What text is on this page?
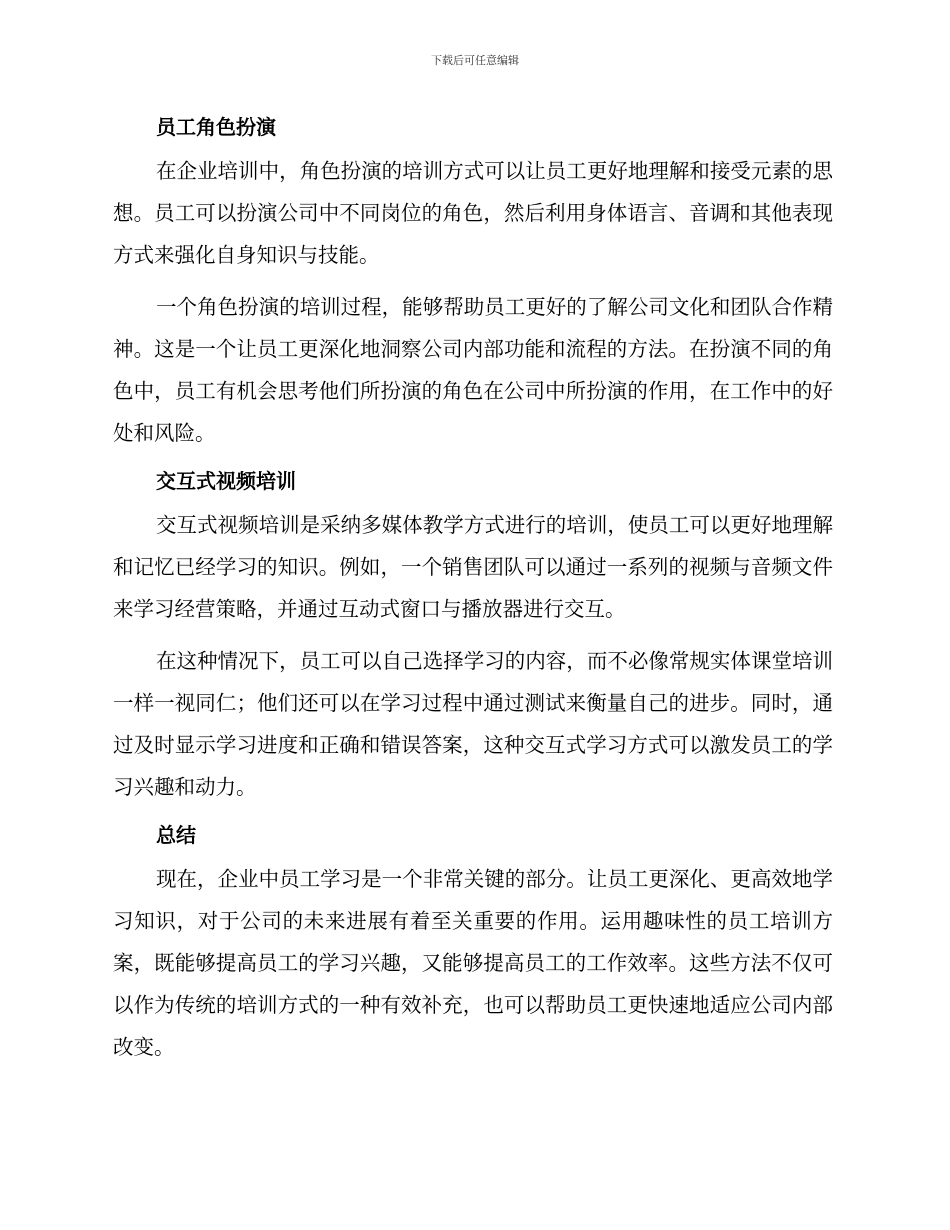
下载后可任意编辑
员工角色扮演

在企业培训中，角色扮演的培训方式可以让员工更好地理解和接受元素的思想。员工可以扮演公司中不同岗位的角色，然后利用身体语言、音调和其他表现方式来强化自身知识与技能。

一个角色扮演的培训过程，能够帮助员工更好的了解公司文化和团队合作精神。这是一个让员工更深化地洞察公司内部功能和流程的方法。在扮演不同的角色中，员工有机会思考他们所扮演的角色在公司中所扮演的作用，在工作中的好处和风险。

交互式视频培训

交互式视频培训是采纳多媒体教学方式进行的培训，使员工可以更好地理解和记忆已经学习的知识。例如，一个销售团队可以通过一系列的视频与音频文件来学习经营策略，并通过互动式窗口与播放器进行交互。

在这种情况下，员工可以自己选择学习的内容，而不必像常规实体课堂培训一样一视同仁；他们还可以在学习过程中通过测试来衡量自己的进步。同时，通过及时显示学习进度和正确和错误答案，这种交互式学习方式可以激发员工的学习兴趣和动力。

总结

现在，企业中员工学习是一个非常关键的部分。让员工更深化、更高效地学习知识，对于公司的未来进展有着至关重要的作用。运用趣味性的员工培训方案，既能够提高员工的学习兴趣，又能够提高员工的工作效率。这些方法不仅可以作为传统的培训方式的一种有效补充，也可以帮助员工更快速地适应公司内部改变。
